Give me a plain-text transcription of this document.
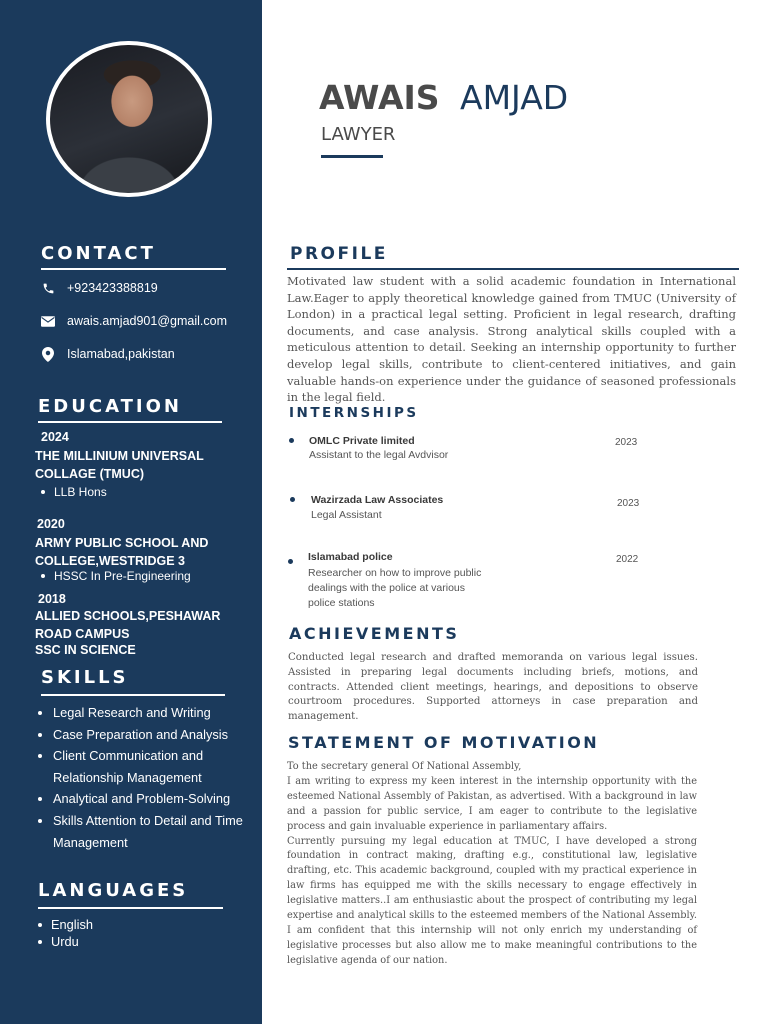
CONTACT
+923423388819
awais.amjad901@gmail.com
Islamabad,pakistan
EDUCATION
2024
THE MILLINIUM UNIVERSAL COLLAGE (TMUC)
LLB Hons
2020
ARMY PUBLIC SCHOOL AND COLLEGE,WESTRIDGE 3
HSSC In Pre-Engineering
2018
ALLIED SCHOOLS,PESHAWAR ROAD CAMPUS
SSC IN SCIENCE
SKILLS
Legal Research and Writing
Case Preparation and Analysis
Client Communication and Relationship Management
Analytical and Problem-Solving
Skills Attention to Detail and Time Management
LANGUAGES
English
Urdu
AWAIS AMJAD
LAWYER
PROFILE
Motivated law student with a solid academic foundation in International Law.Eager to apply theoretical knowledge gained from TMUC (University of London) in a practical legal setting. Proficient in legal research, drafting documents, and case analysis. Strong analytical skills coupled with a meticulous attention to detail. Seeking an internship opportunity to further develop legal skills, contribute to client-centered initiatives, and gain valuable hands-on experience under the guidance of seasoned professionals in the legal field.
INTERNSHIPS
OMLC Private limited
Assistant to the legal Avdvisor
2023
Wazirzada Law Associates
Legal Assistant
2023
Islamabad police
Researcher on how to improve public dealings with the police at various police stations
2022
ACHIEVEMENTS
Conducted legal research and drafted memoranda on various legal issues. Assisted in preparing legal documents including briefs, motions, and contracts. Attended client meetings, hearings, and depositions to observe courtroom procedures. Supported attorneys in case preparation and management.
STATEMENT OF MOTIVATION
To the secretary general Of National Assembly,
I am writing to express my keen interest in the internship opportunity with the esteemed National Assembly of Pakistan, as advertised. With a background in law and a passion for public service, I am eager to contribute to the legislative process and gain invaluable experience in parliamentary affairs.
Currently pursuing my legal education at TMUC, I have developed a strong foundation in contract making, drafting e.g., constitutional law, legislative drafting, etc. This academic background, coupled with my practical experience in law firms has equipped me with the skills necessary to engage effectively in legislative matters..I am enthusiastic about the prospect of contributing my legal expertise and analytical skills to the esteemed members of the National Assembly. I am confident that this internship will not only enrich my understanding of legislative processes but also allow me to make meaningful contributions to the legislative agenda of our nation.
